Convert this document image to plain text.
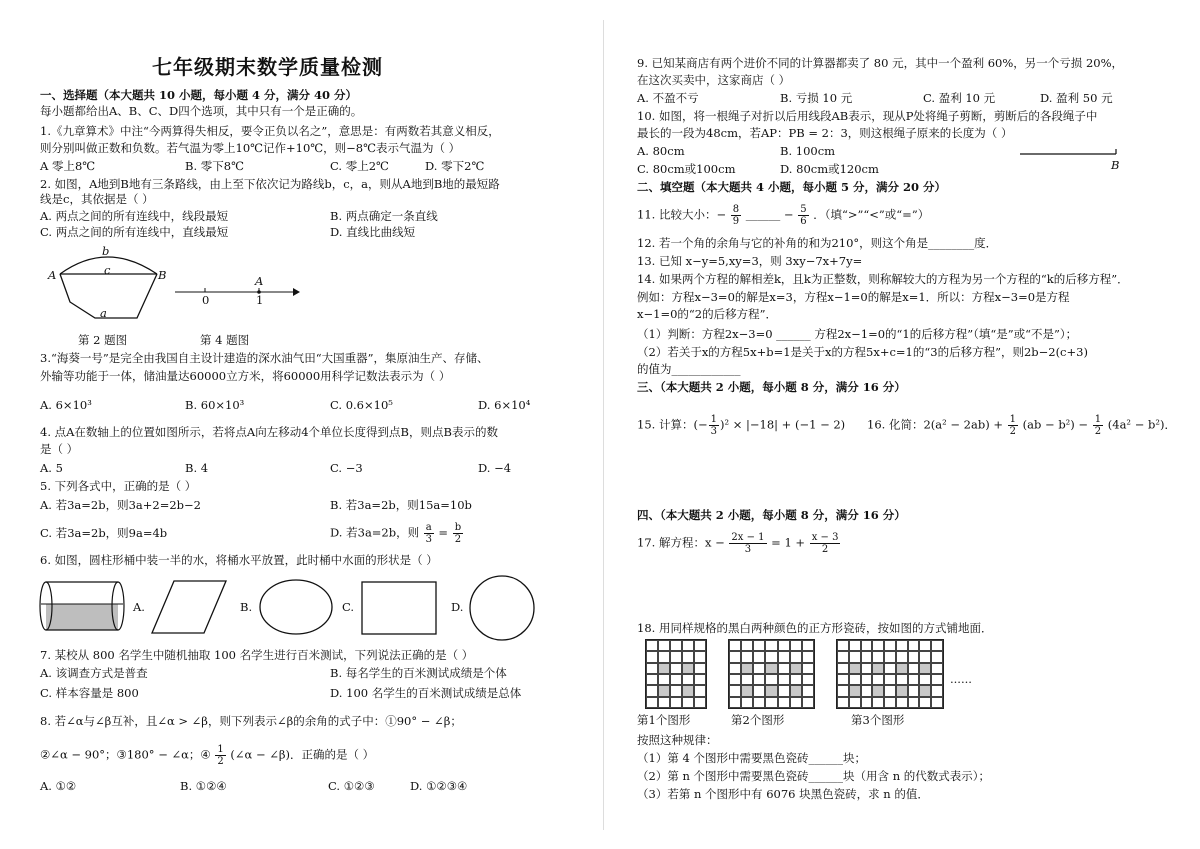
七年级期末数学质量检测
一、选择题（本大题共 10 小题，每小题 4 分，满分 40 分）
每小题都给出A、B、C、D四个选项，其中只有一个是正确的。
1.《九章算术》中注“今两算得失相反，要令正负以名之”，意思是：有两数若其意义相反，
则分别叫做正数和负数。若气温为零上10℃记作+10℃，则−8℃表示气温为（ ）
A 零上8℃	B. 零下8℃	C. 零上2℃	D. 零下2℃
2. 如图，A地到B地有三条路线，由上至下依次记为路线b，c，a，则从A地到B地的最短路
线是c，其依据是（ ）
A. 两点之间的所有连线中，线段最短	B. 两点确定一条直线
C. 两点之间的所有连线中，直线最短	D. 直线比曲线短
b
c
a
A	B	A
0	1
第 2 题图	第 4 题图
3.“海葵一号”是完全由我国自主设计建造的深水油气田“大国重器”，集原油生产、存储、
外输等功能于一体，储油量达60000立方米，将60000用科学记数法表示为（ ）
A. 6×10³	B. 60×10³	C. 0.6×10⁵	D. 6×10⁴
4. 点A在数轴上的位置如图所示，若将点A向左移动4个单位长度得到点B，则点B表示的数
是（ ）
A. 5	B. 4	C. −3	D. −4
5. 下列各式中，正确的是（ ）
A. 若3a=2b，则3a+2=2b−2	B. 若3a=2b，则15a=10b
C. 若3a=2b，则9a=4b	D. 若3a=2b，则 $\frac{a}{3} = \frac{b}{2}$
6. 如图，圆柱形桶中装一半的水，将桶水平放置，此时桶中水面的形状是（ ）
A.	B.	C.	D.
7. 某校从 800 名学生中随机抽取 100 名学生进行百米测试，下列说法正确的是（ ）
A. 该调查方式是普查	B. 每名学生的百米测试成绩是个体
C. 样本容量是 800	D. 100 名学生的百米测试成绩是总体
8. 若∠α与∠β互补，且∠α > ∠β，则下列表示∠β的余角的式子中：①90° − ∠β；
②∠α − 90°；③180° − ∠α；④ $\frac{1}{2}$ (∠α − ∠β)．正确的是（ ）
A. ①②	B. ①②④	C. ①②③	D. ①②③④
9. 已知某商店有两个进价不同的计算器都卖了 80 元，其中一个盈利 60%，另一个亏损 20%，
在这次买卖中，这家商店（ ）
A. 不盈不亏	B. 亏损 10 元	C. 盈利 10 元	D. 盈利 50 元
10. 如图，将一根绳子对折以后用线段AB表示，现从P处将绳子剪断，剪断后的各段绳子中
最长的一段为48cm，若AP：PB = 2：3，则这根绳子原来的长度为（ ）
A. 80cm	B. 100cm
C. 80cm或100cm	D. 80cm或120cm	B
二、填空题（本大题共 4 小题，每小题 5 分，满分 20 分）
11. 比较大小：− $\frac{8}{9}$ ______ − $\frac{5}{6}$ ．（填“>”“<”或“=”）
12. 若一个角的余角与它的补角的和为210°，则这个角是________度．
13. 已知 x−y=5,xy=3，则 3xy−7x+7y=
14. 如果两个方程的解相差k，且k为正整数，则称解较大的方程为另一个方程的“k的后移方程”．
例如：方程x−3=0的解是x=3，方程x−1=0的解是x=1．所以：方程x−3=0是方程
x−1=0的“2的后移方程”．
（1）判断：方程2x−3=0 ______ 方程2x−1=0的“1的后移方程”（填“是”或“不是”）；
（2）若关于x的方程5x+b=1是关于x的方程5x+c=1的“3的后移方程”，则2b−2(c+3)
的值为____________
三、（本大题共 2 小题，每小题 8 分，满分 16 分）
15. 计算：(− $\frac{1}{3} )^2 \times |-18| + (-1 - 2)$ 16. 化简：$2(a^2 - 2ab) + \frac{1}{2} (ab - b^2) - \frac{1}{2} (4a^2 - b^2)$．
四、（本大题共 2 小题，每小题 8 分，满分 16 分）
17. 解方程：$x - \frac{2x - 1}{3} = 1 + \frac{x - 3}{2}$
18. 用同样规格的黑白两种颜色的正方形瓷砖，按如图的方式铺地面．
......
第1个图形	第2个图形	第3个图形
按照这种规律：
（1）第 4 个图形中需要黑色瓷砖______块；
（2）第 n 个图形中需要黑色瓷砖______块（用含 n 的代数式表示）；
（3）若第 n 个图形中有 6076 块黑色瓷砖，求 n 的值．
